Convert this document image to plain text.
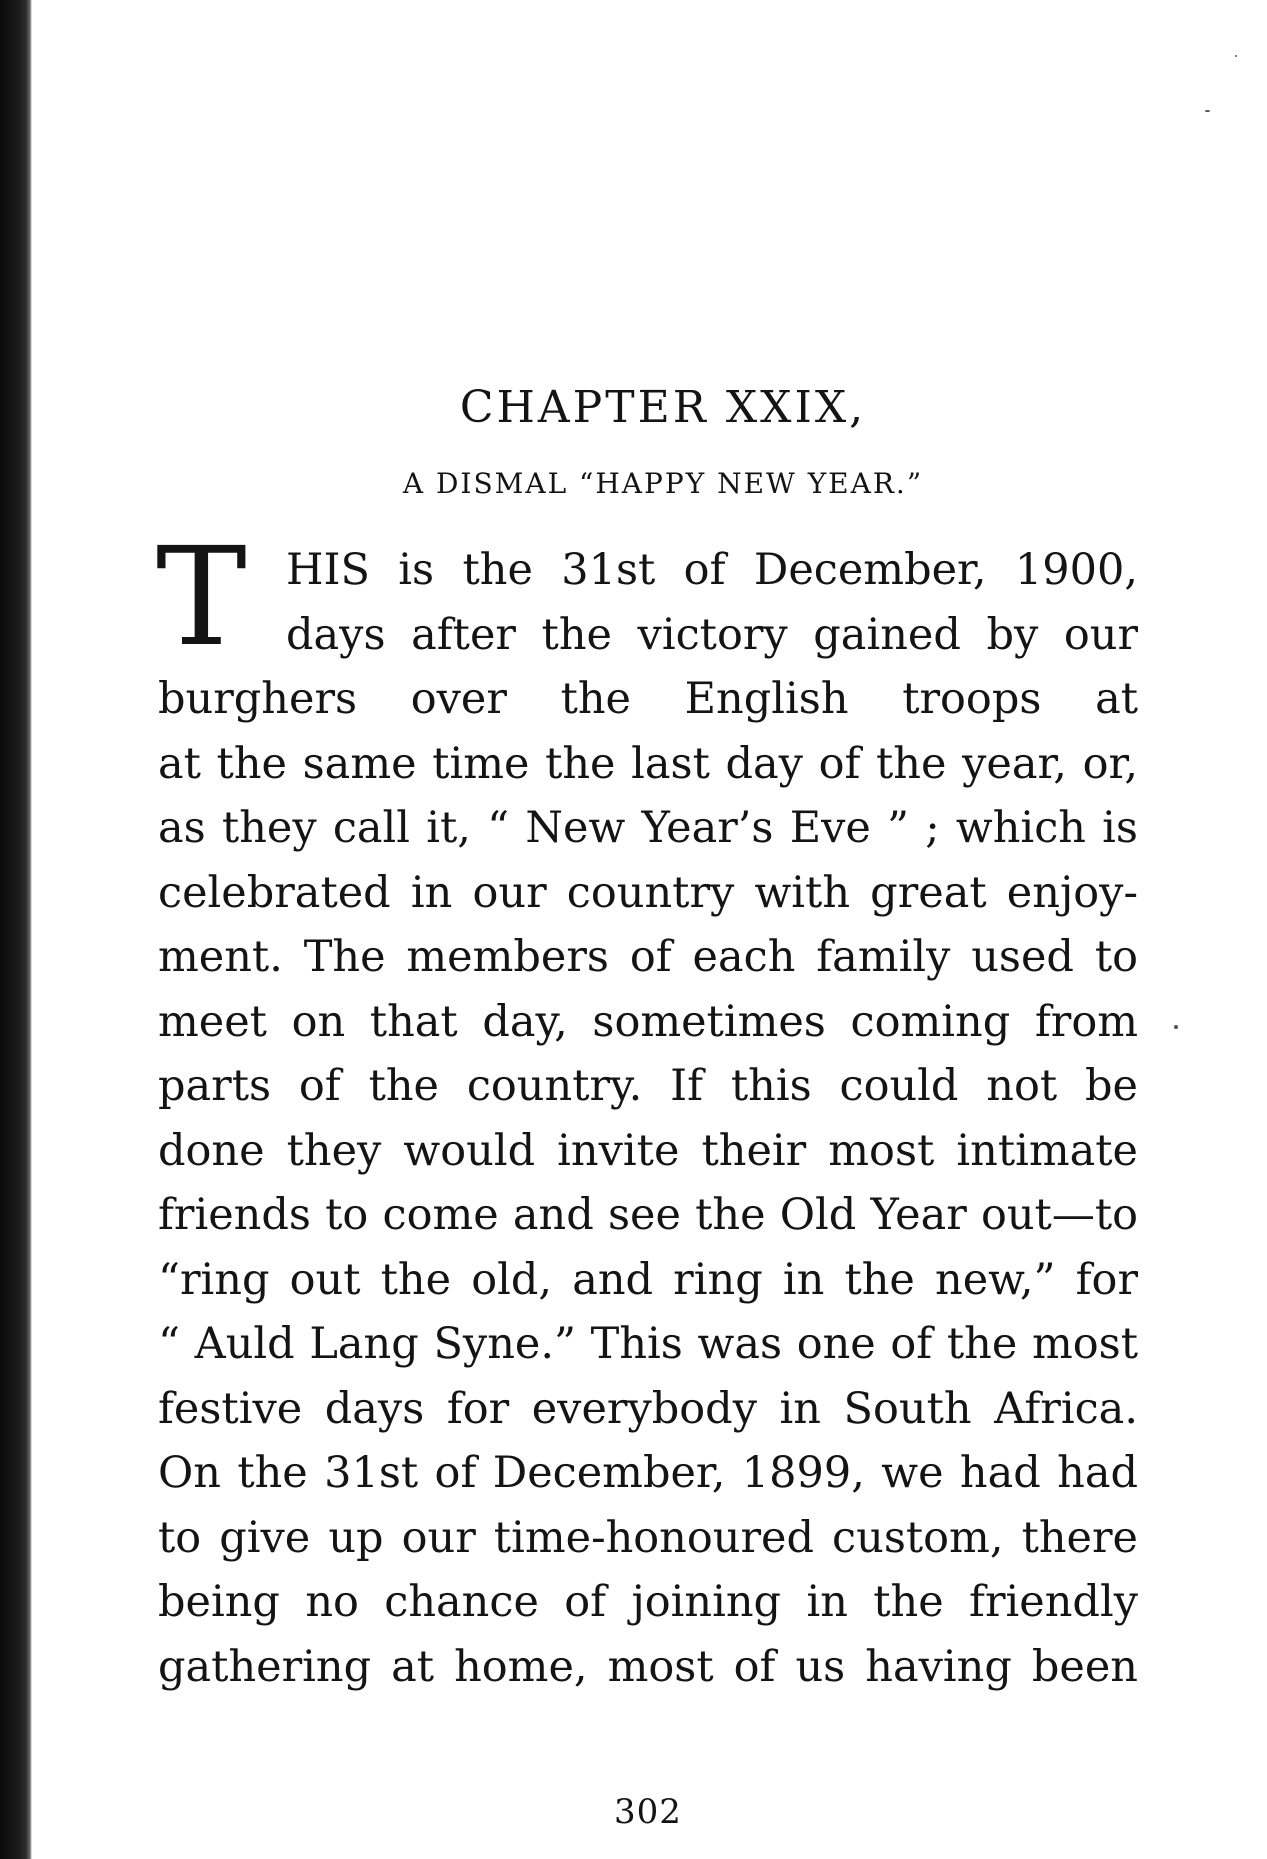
CHAPTER XXIX,
A DISMAL “HAPPY NEW YEAR.”
T HIS is the 31st of December, 1900,
days after the victory gained by our
burghers over the English troops at
at the same time the last day of the year, or,
as they call it, “ New Year’s Eve ” ; which is
celebrated in our country with great enjoy-
ment. The members of each family used to
meet on that day, sometimes coming from
parts of the country. If this could not be
done they would invite their most intimate
friends to come and see the Old Year out—to
“ring out the old, and ring in the new,” for
“ Auld Lang Syne.” This was one of the most
festive days for everybody in South Africa.
On the 31st of December, 1899, we had had
to give up our time-honoured custom, there
being no chance of joining in the friendly
gathering at home, most of us having been
302
